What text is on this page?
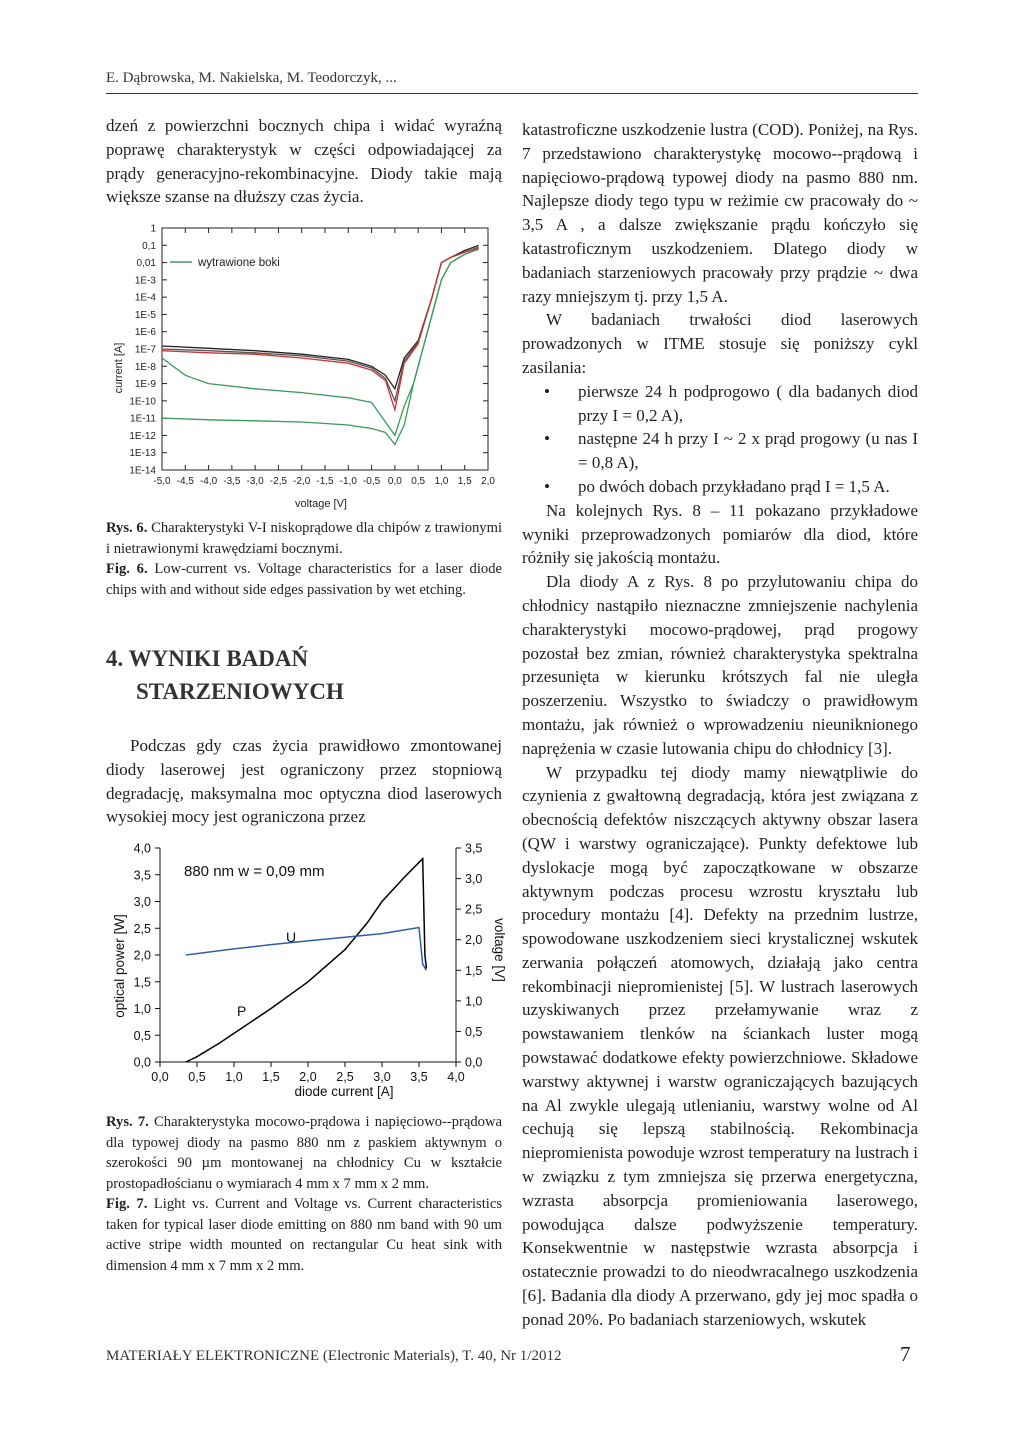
E. Dąbrowska, M. Nakielska, M. Teodorczyk, ...

dzeń z powierzchni bocznych chipa i widać wyraźną poprawę charakterystyk w części odpowiadającej za prądy generacyjno-rekombinacyjne. Diody takie mają większe szanse na dłuższy czas życia.

-5,0 -4,5 -4,0 -3,5 -3,0 -2,5 -2,0 -1,5 -1,0 -0,5 0,0 0,5 1,0 1,5 2,0
1
0,1
0,01
1E-3
1E-4
1E-5
1E-6
1E-7
1E-8
1E-9
1E-10
1E-11
1E-12
1E-13
1E-14
wytrawione boki
current [A]
voltage [V]
Rys. 6. Charakterystyki V-I niskoprądowe dla chipów z trawionymi i nietrawionymi krawędziami bocznymi.
Fig. 6. Low-current vs. Voltage characteristics for a laser diode chips with and without side edges passivation by wet etching.
4. WYNIKI BADAŃ
STARZENIOWYCH

Podczas gdy czas życia prawidłowo zmontowanej diody laserowej jest ograniczony przez stopniową degradację, maksymalna moc optyczna diod laserowych wysokiej mocy jest ograniczona przez

0,0 0,5 1,0 1,5 2,0 2,5 3,0 3,5 4,0
0,0
0,5
1,0
1,5
2,0
2,5
3,0
3,5
4,0
0,0
0,5
1,0
1,5
2,0
2,5
3,0
3,5
880 nm w = 0,09 mm
U
P
optical power [W]	voltage [V]
diode current [A]
Rys. 7. Charakterystyka mocowo-prądowa i napięciowo--prądowa dla typowej diody na pasmo 880 nm z paskiem aktywnym o szerokości 90 µm montowanej na chłodnicy Cu w kształcie prostopadłościanu o wymiarach 4 mm x 7 mm x 2 mm.
Fig. 7. Light vs. Current and Voltage vs. Current characteristics taken for typical laser diode emitting on 880 nm band with 90 um active stripe width mounted on rectangular Cu heat sink with dimension 4 mm x 7 mm x 2 mm.

katastroficzne uszkodzenie lustra (COD). Poniżej, na Rys. 7 przedstawiono charakterystykę mocowo--prądową i napięciowo-prądową typowej diody na pasmo 880 nm. Najlepsze diody tego typu w reżimie cw pracowały do ~ 3,5 A , a dalsze zwiększanie prądu kończyło się katastroficznym uszkodzeniem. Dlatego diody w badaniach starzeniowych pracowały przy prądzie ~ dwa razy mniejszym tj. przy 1,5 A.

W badaniach trwałości diod laserowych prowadzonych w ITME stosuje się poniższy cykl zasilania:

• pierwsze 24 h podprogowo ( dla badanych diod przy I = 0,2 A),
• następne 24 h przy I ~ 2 x prąd progowy (u nas I = 0,8 A),
• po dwóch dobach przykładano prąd I = 1,5 A.

Na kolejnych Rys. 8 – 11 pokazano przykładowe wyniki przeprowadzonych pomiarów dla diod, które różniły się jakością montażu.

Dla diody A z Rys. 8 po przylutowaniu chipa do chłodnicy nastąpiło nieznaczne zmniejszenie nachylenia charakterystyki mocowo-prądowej, prąd progowy pozostał bez zmian, również charakterystyka spektralna przesunięta w kierunku krótszych fal nie uległa poszerzeniu. Wszystko to świadczy o prawidłowym montażu, jak również o wprowadzeniu nieuniknionego naprężenia w czasie lutowania chipu do chłodnicy [3].

W przypadku tej diody mamy niewątpliwie do czynienia z gwałtowną degradacją, która jest związana z obecnością defektów niszczących aktywny obszar lasera (QW i warstwy ograniczające). Punkty defektowe lub dyslokacje mogą być zapoczątkowane w obszarze aktywnym podczas procesu wzrostu kryształu lub procedury montażu [4]. Defekty na przednim lustrze, spowodowane uszkodzeniem sieci krystalicznej wskutek zerwania połączeń atomowych, działają jako centra rekombinacji niepromienistej [5]. W lustrach laserowych uzyskiwanych przez przełamywanie wraz z powstawaniem tlenków na ściankach luster mogą powstawać dodatkowe efekty powierzchniowe. Składowe warstwy aktywnej i warstw ograniczających bazujących na Al zwykle ulegają utlenianiu, warstwy wolne od Al cechują się lepszą stabilnością. Rekombinacja niepromienista powoduje wzrost temperatury na lustrach i w związku z tym zmniejsza się przerwa energetyczna, wzrasta absorpcja promieniowania laserowego, powodująca dalsze podwyższenie temperatury. Konsekwentnie w następstwie wzrasta absorpcja i ostatecznie prowadzi to do nieodwracalnego uszkodzenia [6]. Badania dla diody A przerwano, gdy jej moc spadła o ponad 20%. Po badaniach starzeniowych, wskutek

MATERIAŁY ELEKTRONICZNE (Electronic Materials), T. 40, Nr 1/2012	7
